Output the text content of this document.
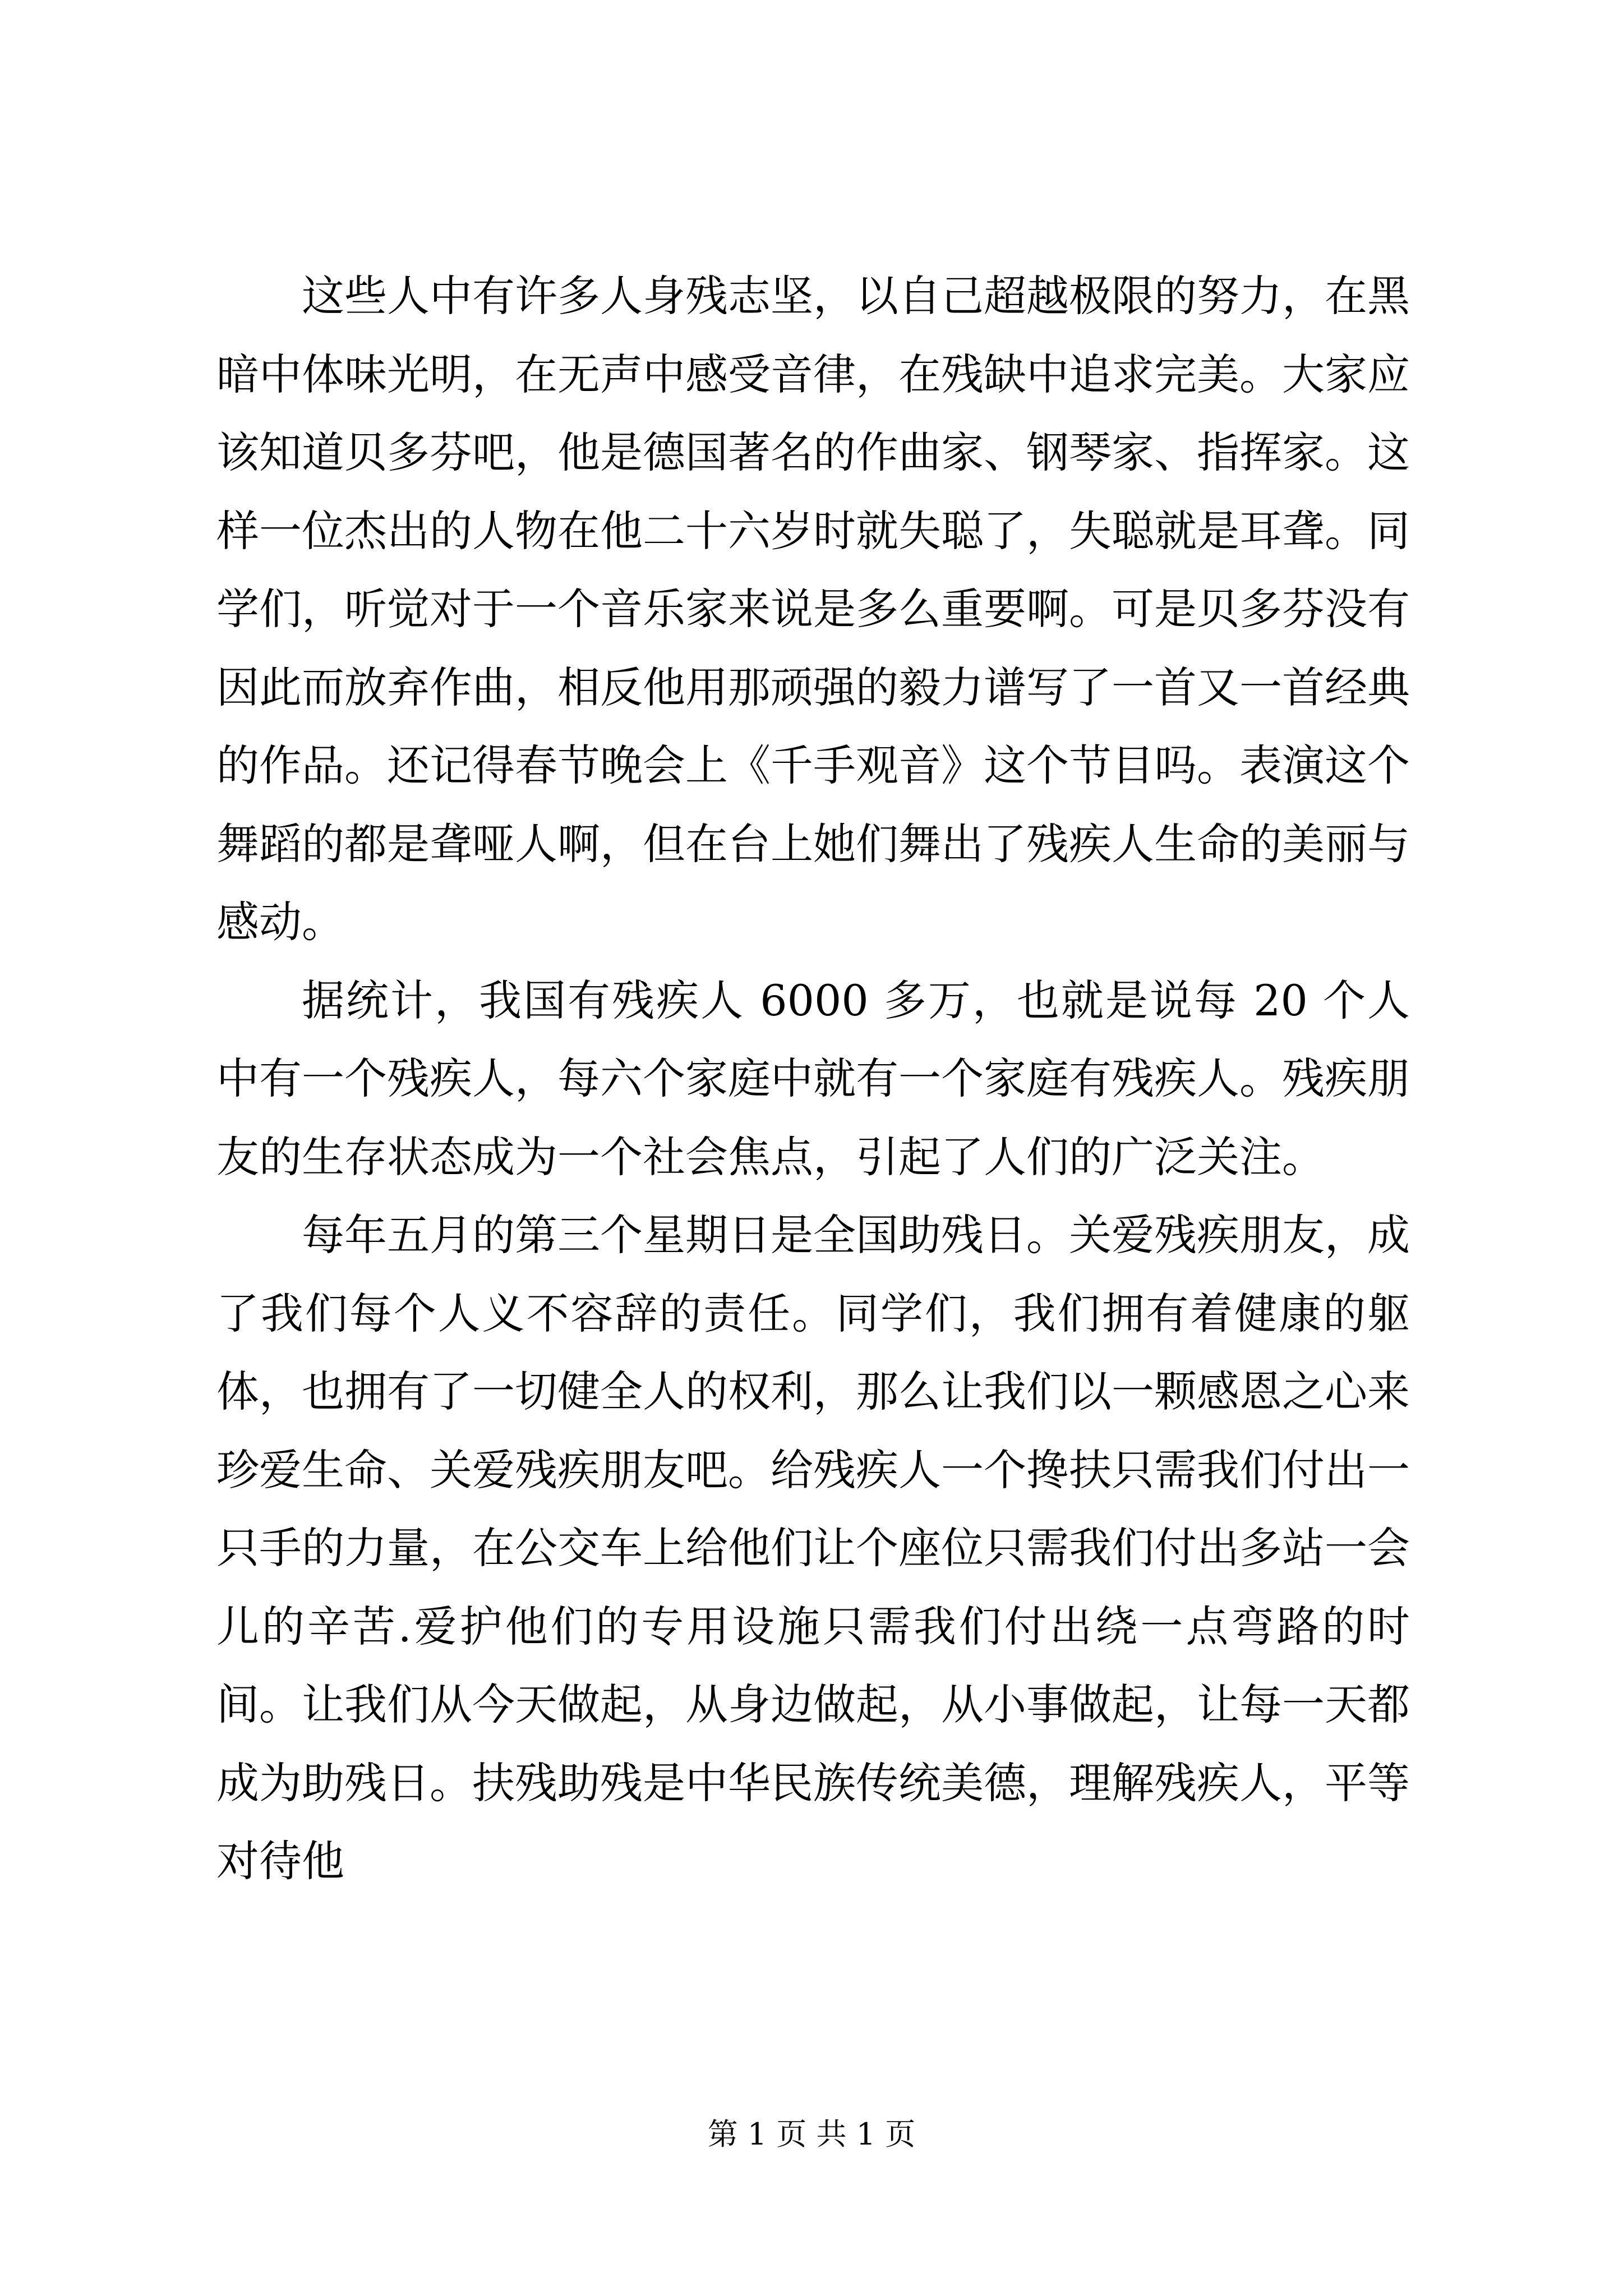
这些人中有许多人身残志坚，以自己超越极限的努力，在黑暗中体味光明，在无声中感受音律，在残缺中追求完美。大家应该知道贝多芬吧，他是德国著名的作曲家、钢琴家、指挥家。这样一位杰出的人物在他二十六岁时就失聪了，失聪就是耳聋。同学们，听觉对于一个音乐家来说是多么重要啊。可是贝多芬没有因此而放弃作曲，相反他用那顽强的毅力谱写了一首又一首经典的作品。还记得春节晚会上《千手观音》这个节目吗。表演这个舞蹈的都是聋哑人啊，但在台上她们舞出了残疾人生命的美丽与感动。

据统计，我国有残疾人 6000 多万，也就是说每 20 个人中有一个残疾人，每六个家庭中就有一个家庭有残疾人。残疾朋友的生存状态成为一个社会焦点，引起了人们的广泛关注。

每年五月的第三个星期日是全国助残日。关爱残疾朋友，成了我们每个人义不容辞的责任。同学们，我们拥有着健康的躯体，也拥有了一切健全人的权利，那么让我们以一颗感恩之心来珍爱生命、关爱残疾朋友吧。给残疾人一个搀扶只需我们付出一只手的力量，在公交车上给他们让个座位只需我们付出多站一会儿的辛苦.爱护他们的专用设施只需我们付出绕一点弯路的时间。让我们从今天做起，从身边做起，从小事做起，让每一天都成为助残日。扶残助残是中华民族传统美德，理解残疾人，平等对待他

第 1 页 共 1 页
